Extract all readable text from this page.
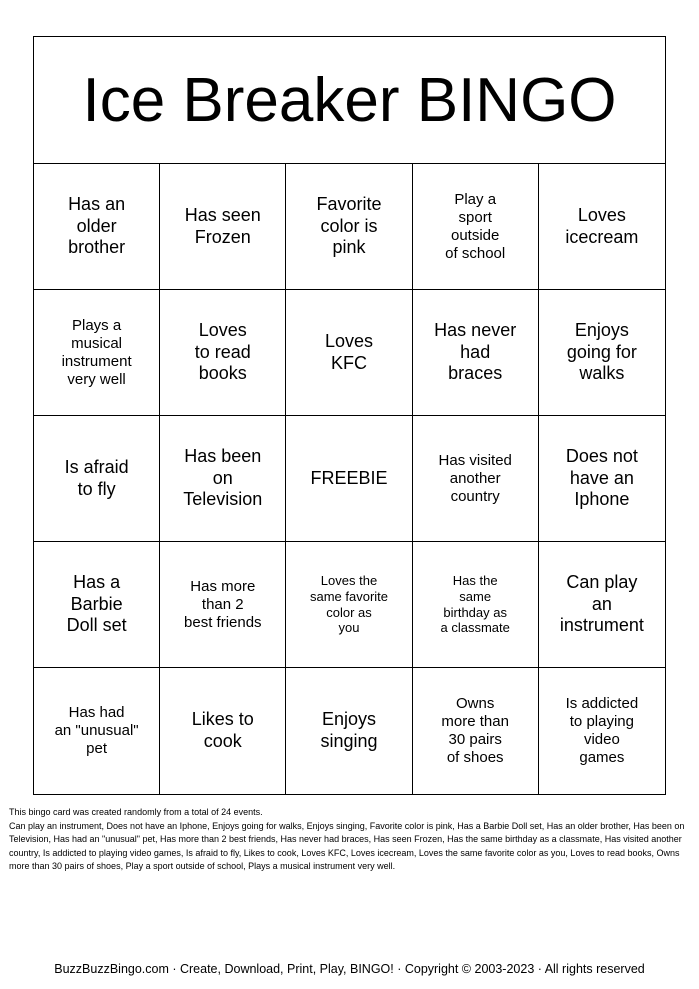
Ice Breaker BINGO
Has an
older
brother
Has seen
Frozen
Favorite
color is
pink
Play a
sport
outside
of school
Loves
icecream
Plays a
musical
instrument
very well
Loves
to read
books
Loves
KFC
Has never
had
braces
Enjoys
going for
walks
Is afraid
to fly
Has been
on
Television
FREEBIE
Has visited
another
country
Does not
have an
Iphone
Has a
Barbie
Doll set
Has more
than 2
best friends
Loves the
same favorite
color as
you
Has the
same
birthday as
a classmate
Can play
an
instrument
Has had
an "unusual"
pet
Likes to
cook
Enjoys
singing
Owns
more than
30 pairs
of shoes
Is addicted
to playing
video
games
This bingo card was created randomly from a total of 24 events.
Can play an instrument, Does not have an Iphone, Enjoys going for walks, Enjoys singing, Favorite color is pink, Has a Barbie Doll set, Has an older brother, Has been on Television, Has had an "unusual" pet, Has more than 2 best friends, Has never had braces, Has seen Frozen, Has the same birthday as a classmate, Has visited another country, Is addicted to playing video games, Is afraid to fly, Likes to cook, Loves KFC, Loves icecream, Loves the same favorite color as you, Loves to read books, Owns more than 30 pairs of shoes, Play a sport outside of school, Plays a musical instrument very well.
BuzzBuzzBingo.com · Create, Download, Print, Play, BINGO! · Copyright © 2003-2023 · All rights reserved
